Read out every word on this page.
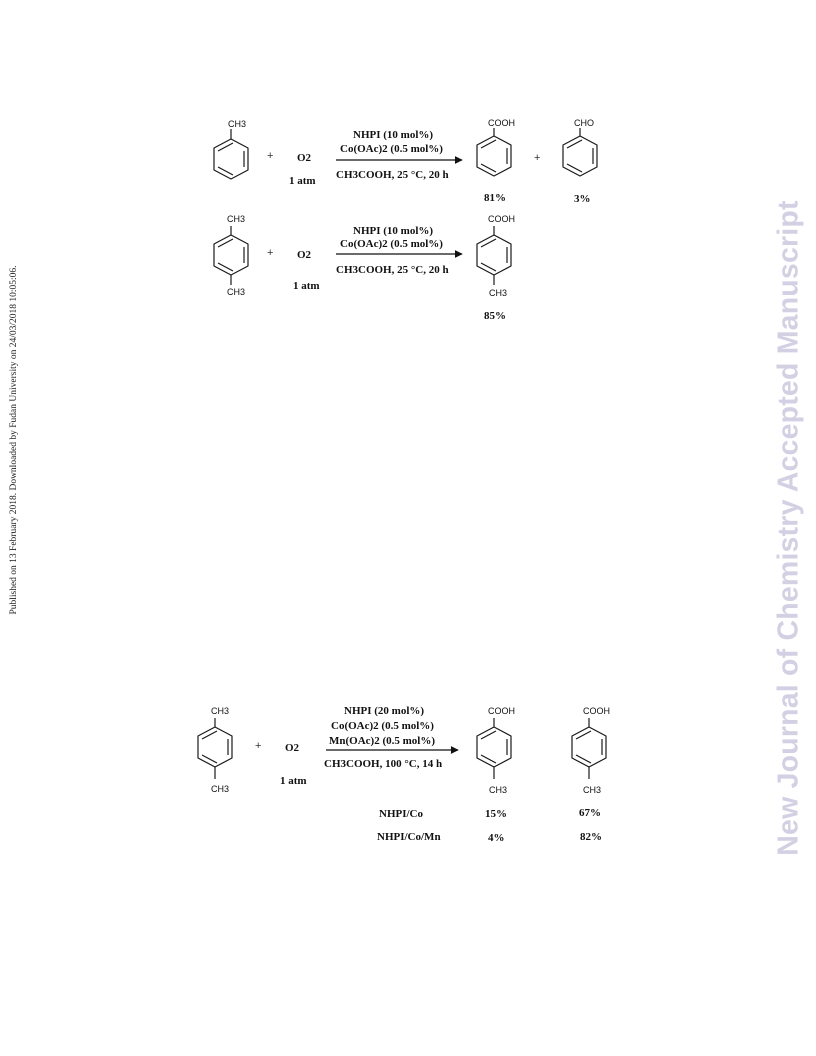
Published on 13 February 2018. Downloaded by Fudan University on 24/03/2018 10:05:06.	New Journal of Chemistry Accepted Manuscript
CH3
+ O2
1 atm
NHPI (10 mol%)
Co(OAc)2 (0.5 mol%)
CH3COOH, 25 °C, 20 h
COOH
+
CHO
81%	3%
CH3
CH3
+ O2
1 atm
NHPI (10 mol%)
Co(OAc)2 (0.5 mol%)
CH3COOH, 25 °C, 20 h
COOH
CH3
85%
CH3
CH3
+ O2
1 atm
NHPI (20 mol%)
Co(OAc)2 (0.5 mol%)
Mn(OAc)2 (0.5 mol%)
CH3COOH, 100 °C, 14 h
COOH
CH3
COOH
CH3
NHPI/Co	15%	67%
NHPI/Co/Mn	4%	82%
